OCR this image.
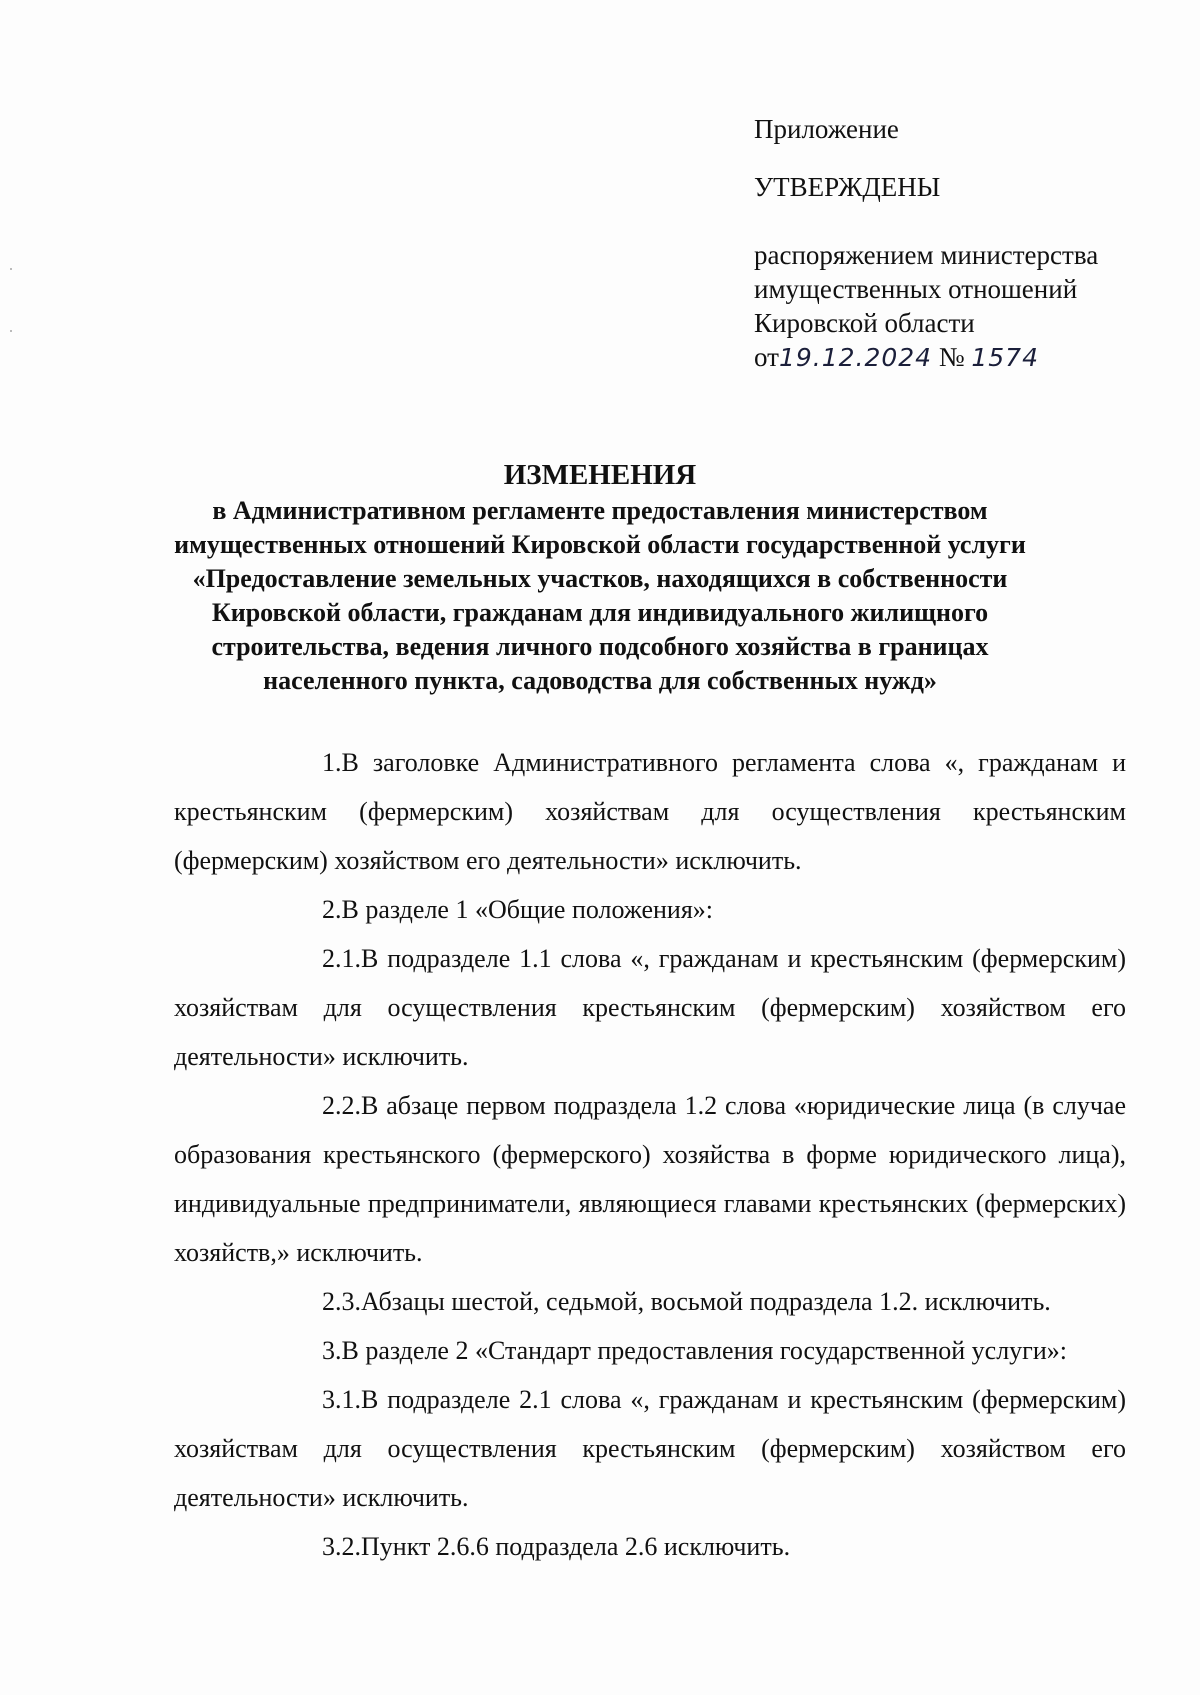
Приложение
УТВЕРЖДЕНЫ
распоряжением министерства
имущественных отношений
Кировской области
от19.12.2024 № 1574
ИЗМЕНЕНИЯ
в Административном регламенте предоставления министерством
имущественных отношений Кировской области государственной услуги
«Предоставление земельных участков, находящихся в собственности
Кировской области, гражданам для индивидуального жилищного
строительства, ведения личного подсобного хозяйства в границах
населенного пункта, садоводства для собственных нужд»

1.В заголовке Административного регламента слова «, гражданам и крестьянским (фермерским) хозяйствам для осуществления крестьянским (фермерским) хозяйством его деятельности» исключить.

2.В разделе 1 «Общие положения»:

2.1.В подразделе 1.1 слова «, гражданам и крестьянским (фермерским) хозяйствам для осуществления крестьянским (фермерским) хозяйством его деятельности» исключить.

2.2.В абзаце первом подраздела 1.2 слова «юридические лица (в случае образования крестьянского (фермерского) хозяйства в форме юридического лица), индивидуальные предприниматели, являющиеся главами крестьянских (фермерских) хозяйств,» исключить.

2.3.Абзацы шестой, седьмой, восьмой подраздела 1.2. исключить.

3.В разделе 2 «Стандарт предоставления государственной услуги»:

3.1.В подразделе 2.1 слова «, гражданам и крестьянским (фермерским) хозяйствам для осуществления крестьянским (фермерским) хозяйством его деятельности» исключить.

3.2.Пункт 2.6.6 подраздела 2.6 исключить.
